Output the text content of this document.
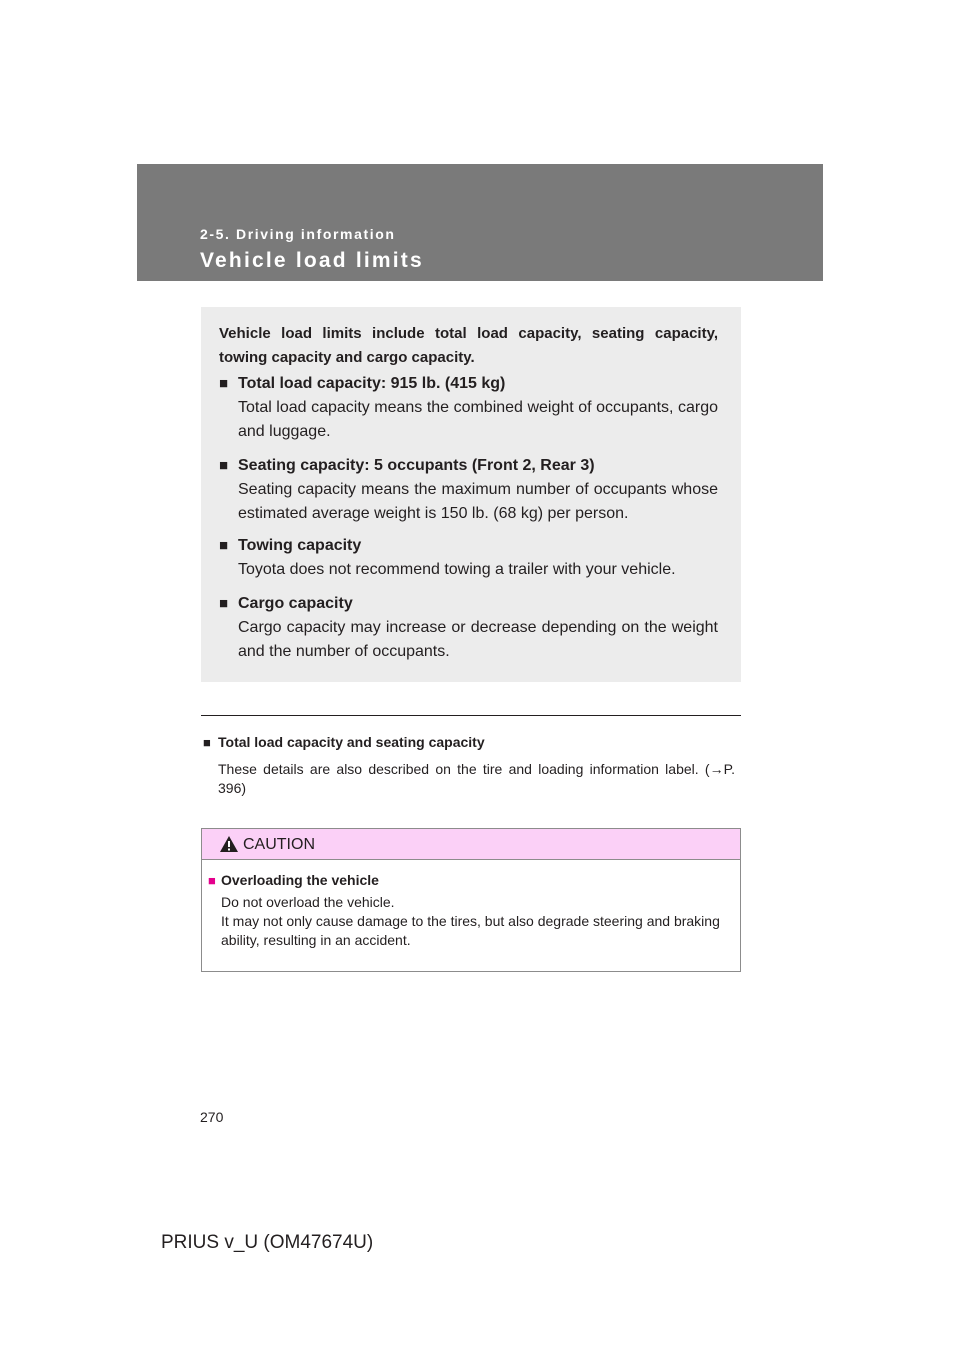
2-5. Driving information
Vehicle load limits
Vehicle load limits include total load capacity, seating capacity, towing capacity and cargo capacity.
■ Total load capacity: 915 lb. (415 kg)
Total load capacity means the combined weight of occupants, cargo and luggage.
■ Seating capacity: 5 occupants (Front 2, Rear 3)
Seating capacity means the maximum number of occupants whose estimated average weight is 150 lb. (68 kg) per person.
■ Towing capacity
Toyota does not recommend towing a trailer with your vehicle.
■ Cargo capacity
Cargo capacity may increase or decrease depending on the weight and the number of occupants.
■ Total load capacity and seating capacity
These details are also described on the tire and loading information label. (→P. 396)
CAUTION
■ Overloading the vehicle
Do not overload the vehicle.
It may not only cause damage to the tires, but also degrade steering and braking ability, resulting in an accident.
270
PRIUS v_U (OM47674U)
